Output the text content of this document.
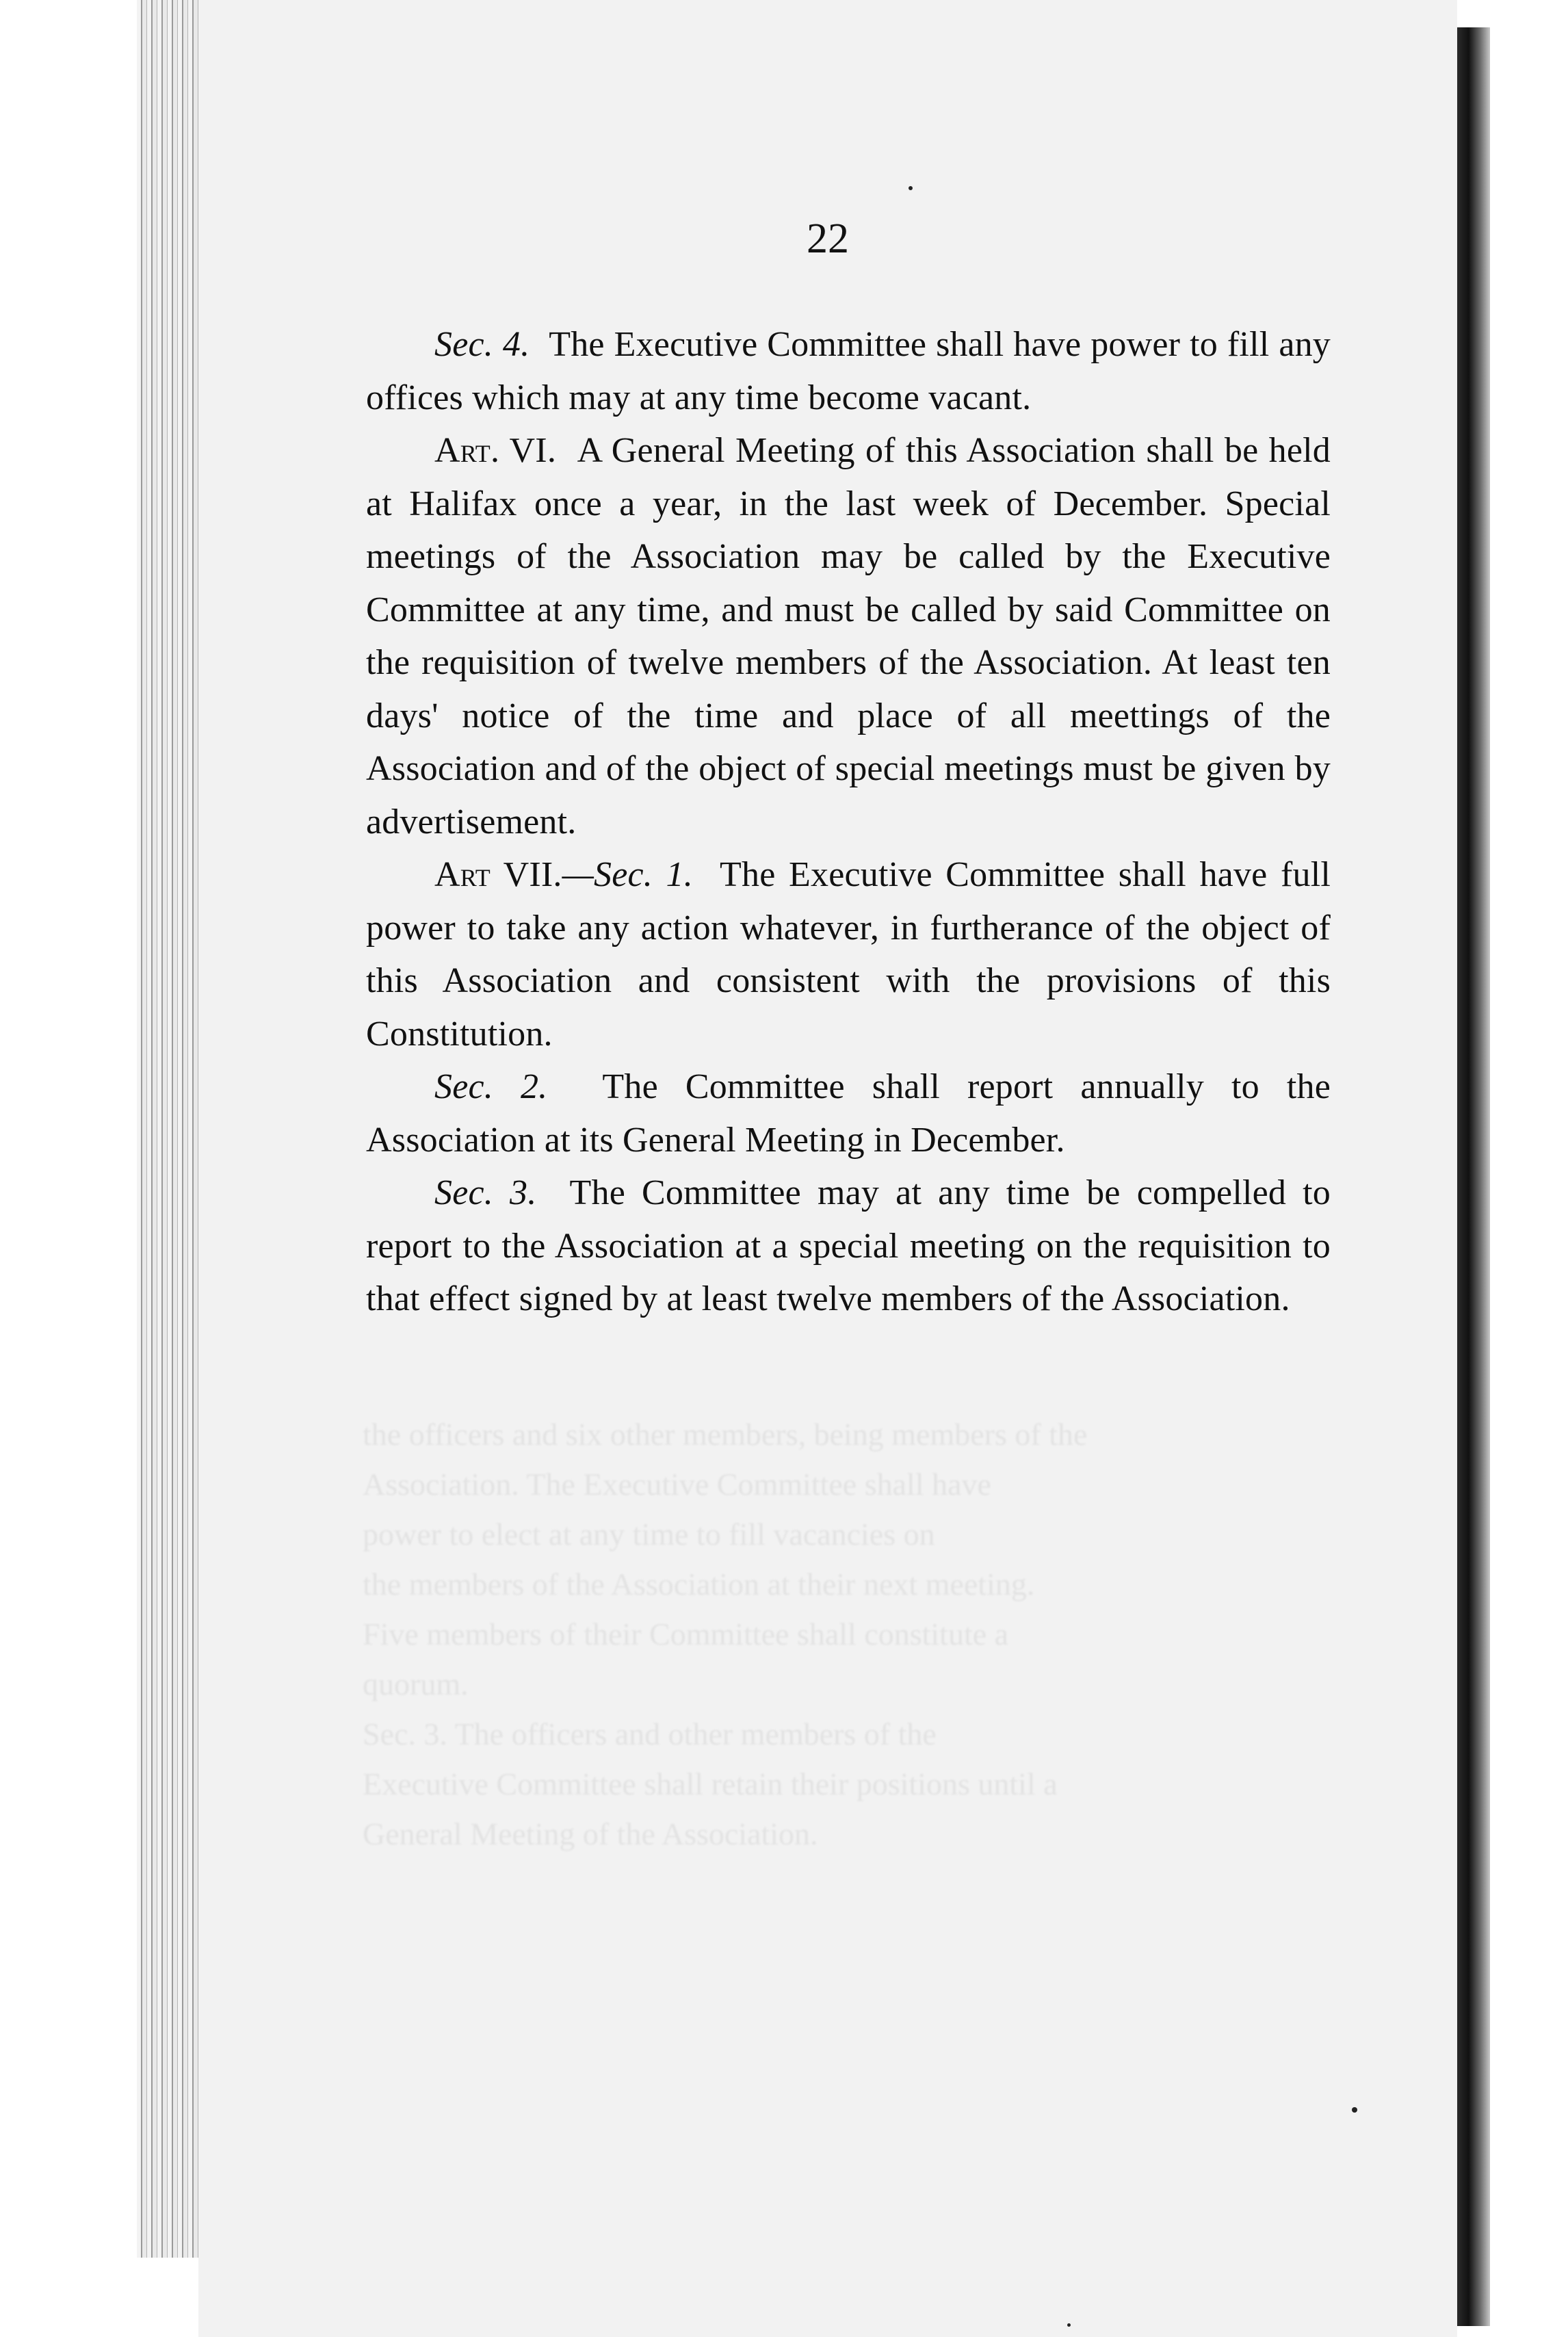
22
the officers and six other members, being members of the
Association. The Executive Committee shall have
power to elect at any time to fill vacancies on
the members of the Association at their next meeting.
Five members of their Committee shall constitute a
quorum.
Sec. 3. The officers and other members of the
Executive Committee shall retain their positions until a
General Meeting of the Association.

Sec. 4. The Executive Committee shall have power to fill any offices which may at any time become vacant.

Art. VI. A General Meeting of this Association shall be held at Halifax once a year, in the last week of December. Special meetings of the Association may be called by the Executive Committee at any time, and must be called by said Committee on the requisition of twelve members of the Association. At least ten days' notice of the time and place of all meettings of the Association and of the object of special meetings must be given by advertisement.

Art VII.—Sec. 1. The Executive Committee shall have full power to take any action whatever, in furtherance of the object of this Association and consistent with the provisions of this Constitution.

Sec. 2. The Committee shall report annually to the Association at its General Meeting in December.

Sec. 3. The Committee may at any time be compelled to report to the Association at a special meeting on the requisition to that effect signed by at least twelve members of the Association.
